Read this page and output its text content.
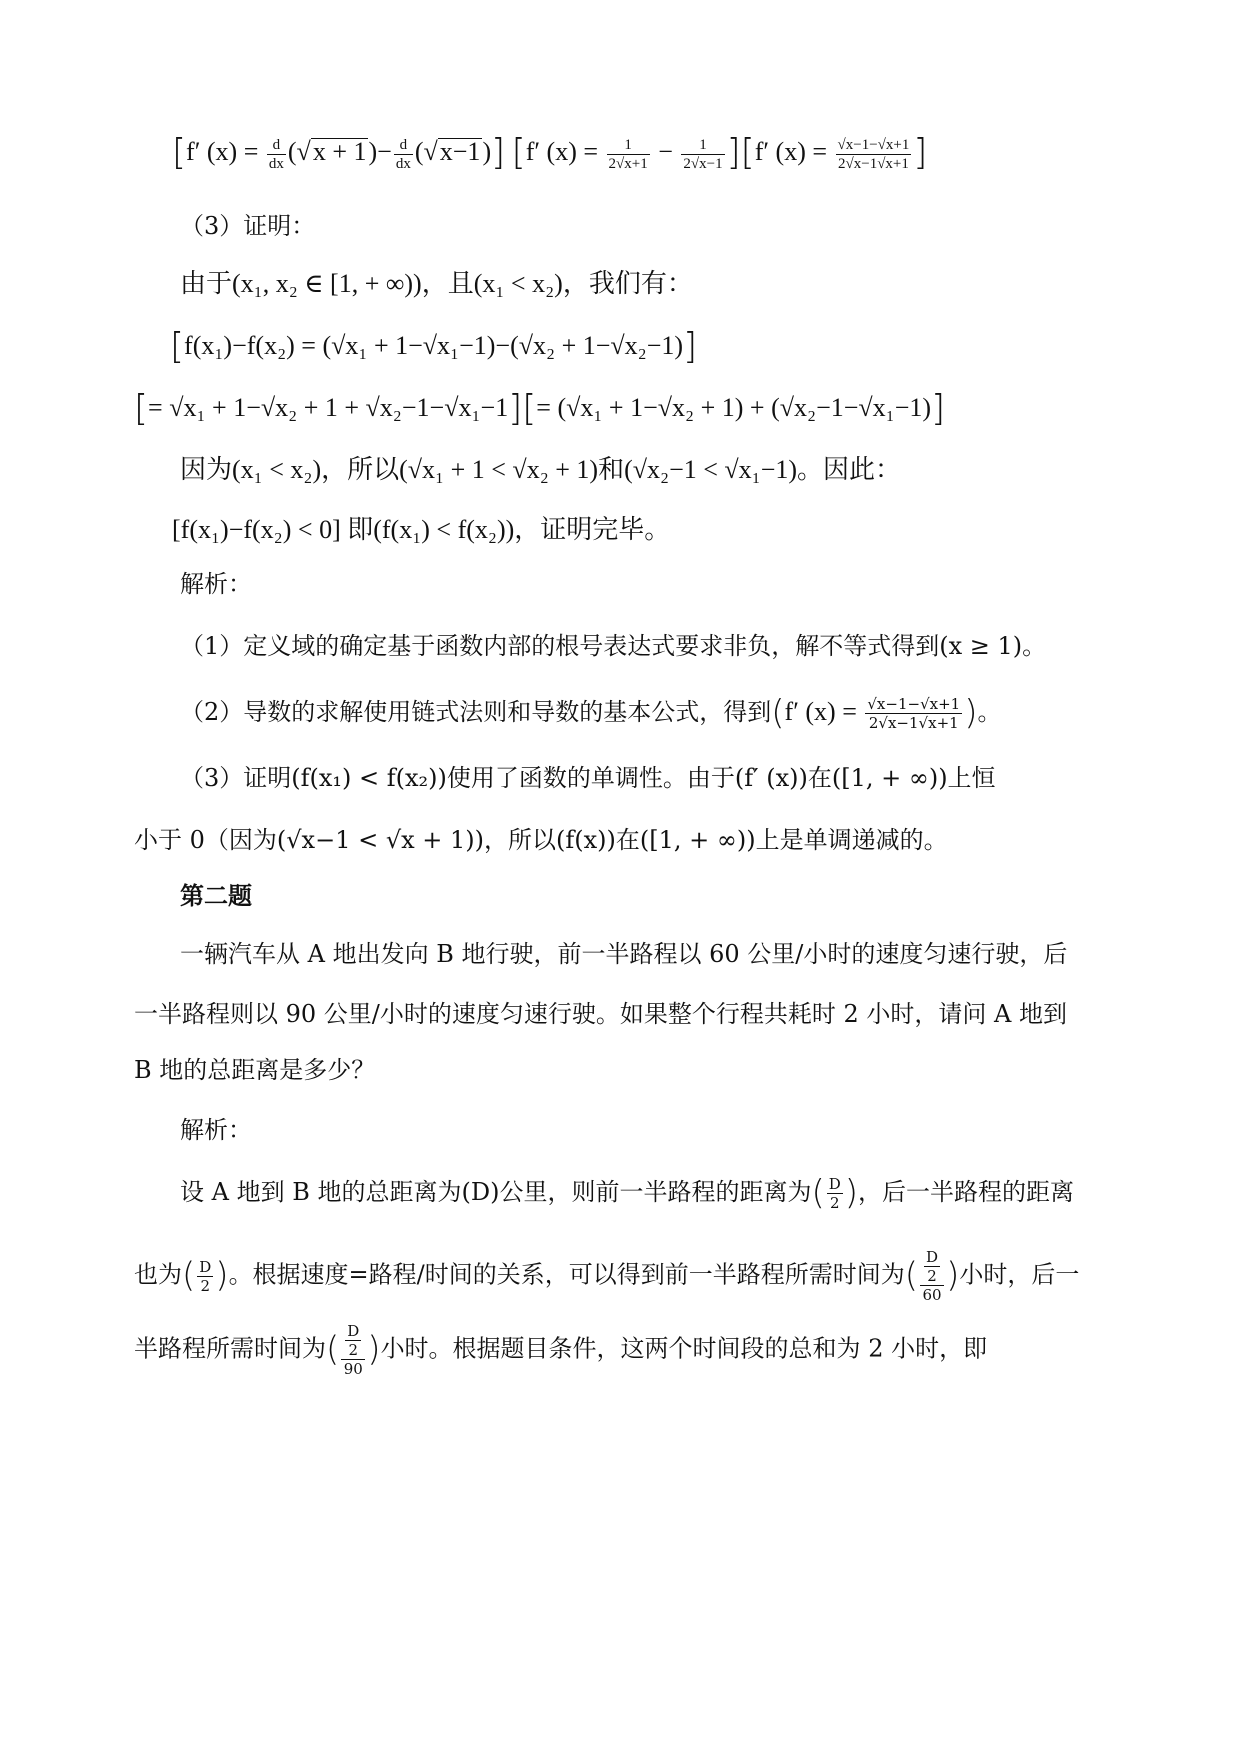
[f′ $(x) = \frac{d}{dx} (√x + 1)- \frac{d}{dx} (√x-1)$] [f′ $(x) = \frac{1}{2√x+1} - \frac{1}{2√x-1} ][f'$ $(x) = \frac{√x-1-√x+1}{2√x-1√x+1}$ ]
（3）证明：
由于(x₁, x₂ ∈ [1, + ∞))，且(x₁ < x₂)，我们有：
[f(x₁)−f(x₂) = (√x₁ + 1−√x₁−1)−(√x₂ + 1−√x₂−1)]
[= √x₁ + 1−√x₂ + 1 + √x₂−1−√x₁−1][= (√x₁ + 1−√x₂ + 1) + (√x₂−1−√x₁−1)]
因为(x₁ < x₂)，所以(√x₁ + 1 < √x₂ + 1)和(√x₂−1 < √x₁−1)。因此：
[f(x₁)−f(x₂) < 0] 即(f(x₁) < f(x₂))，证明完毕。
解析：
（1）定义域的确定基于函数内部的根号表达式要求非负，解不等式得到(x ≥ 1)。
（2）导数的求解使用链式法则和导数的基本公式，得到(f′ $(x) = \frac{√x-1-√x+1}{2√x-1√x+1}$ )。
（3）证明(f(x₁) < f(x₂))使用了函数的单调性。由于(f′ (x))在([1, + ∞))上恒
小于 0（因为(√x−1 < √x + 1))，所以(f(x))在([1, + ∞))上是单调递减的。
第二题
一辆汽车从 A 地出发向 B 地行驶，前一半路程以 60 公里/小时的速度匀速行驶，后
一半路程则以 90 公里/小时的速度匀速行驶。如果整个行程共耗时 2 小时，请问 A 地到
B 地的总距离是多少？
解析：
设 A 地到 B 地的总距离为(D)公里，则前一半路程的距离为( $\frac{D}{2}$ )，后一半路程的距离
也为( $\frac{D}{2}$ )。根据速度=路程/时间的关系，可以得到前一半路程所需时间为( D
2
60 )小时，后一
半路程所需时间为( D
2
90 )小时。根据题目条件，这两个时间段的总和为 2 小时，即
